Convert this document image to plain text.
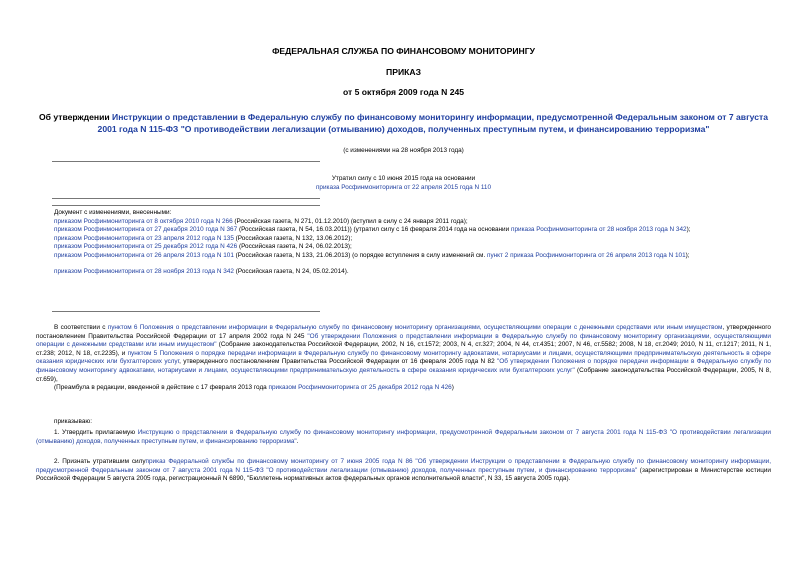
ФЕДЕРАЛЬНАЯ СЛУЖБА ПО ФИНАНСОВОМУ МОНИТОРИНГУ
ПРИКАЗ
от 5 октября 2009 года N 245
Об утверждении Инструкции о представлении в Федеральную службу по финансовому мониторингу информации, предусмотренной Федеральным законом от 7 августа 2001 года N 115-ФЗ "О противодействии легализации (отмыванию) доходов, полученных преступным путем, и финансированию терроризма"
(с изменениями на 28 ноября 2013 года)
Утратил силу с 10 июня 2015 года на основании
приказа Росфинмониторинга от 22 апреля 2015 года N 110

Документ с изменениями, внесенными:

приказом Росфинмониторинга от 8 октября 2010 года N 266 (Российская газета, N 271, 01.12.2010) (вступил в силу с 24 января 2011 года);

приказом Росфинмониторинга от 27 декабря 2010 года N 367 (Российская газета, N 54, 16.03.2011)) (утратил силу с 16 февраля 2014 года на основании приказа Росфинмониторинга от 28 ноября 2013 года N 342);

приказом Росфинмониторинга от 23 апреля 2012 года N 135 (Российская газета, N 132, 13.06.2012);

приказом Росфинмониторинга от 25 декабря 2012 года N 426 (Российская газета, N 24, 06.02.2013);

приказом Росфинмониторинга от 26 апреля 2013 года N 101 (Российская газета, N 133, 21.06.2013) (о порядке вступления в силу изменений см. пункт 2 приказа Росфинмониторинга от 26 апреля 2013 года N 101);

приказом Росфинмониторинга от 28 ноября 2013 года N 342 (Российская газета, N 24, 05.02.2014).

В соответствии с пунктом 6 Положения о представлении информации в Федеральную службу по финансовому мониторингу организациями, осуществляющими операции с денежными средствами или иным имуществом, утвержденного постановлением Правительства Российской Федерации от 17 апреля 2002 года N 245 "Об утверждении Положения о представлении информации в Федеральную службу по финансовому мониторингу организациями, осуществляющими операции с денежными средствами или иным имуществом" (Собрание законодательства Российской Федерации, 2002, N 16, ст.1572; 2003, N 4, ст.327; 2004, N 44, ст.4351; 2007, N 46, ст.5582; 2008, N 18, ст.2049; 2010, N 11, ст.1217; 2011, N 1, ст.238; 2012, N 18, ст.2235), и пунктом 5 Положения о порядке передачи информации в Федеральную службу по финансовому мониторингу адвокатами, нотариусами и лицами, осуществляющими предпринимательскую деятельность в сфере оказания юридических или бухгалтерских услуг, утвержденного постановлением Правительства Российской Федерации от 16 февраля 2005 года N 82 "Об утверждении Положения о порядке передачи информации в Федеральную службу по финансовому мониторингу адвокатами, нотариусами и лицами, осуществляющими предпринимательскую деятельность в сфере оказания юридических или бухгалтерских услуг" (Собрание законодательства Российской Федерации, 2005, N 8, ст.659),

(Преамбула в редакции, введенной в действие с 17 февраля 2013 года приказом Росфинмониторинга от 25 декабря 2012 года N 426)

приказываю:

1. Утвердить прилагаемую Инструкцию о представлении в Федеральную службу по финансовому мониторингу информации, предусмотренной Федеральным законом от 7 августа 2001 года N 115-ФЗ "О противодействии легализации (отмыванию) доходов, полученных преступным путем, и финансированию терроризма".

2. Признать утратившим силуприказ Федеральной службы по финансовому мониторингу от 7 июня 2005 года N 86 "Об утверждении Инструкции о представлении в Федеральную службу по финансовому мониторингу информации, предусмотренной Федеральным законом от 7 августа 2001 года N 115-ФЗ "О противодействии легализации (отмыванию) доходов, полученных преступным путем, и финансированию терроризма" (зарегистрирован в Министерстве юстиции Российской Федерации 5 августа 2005 года, регистрационный N 6890, "Бюллетень нормативных актов федеральных органов исполнительной власти", N 33, 15 августа 2005 года).
